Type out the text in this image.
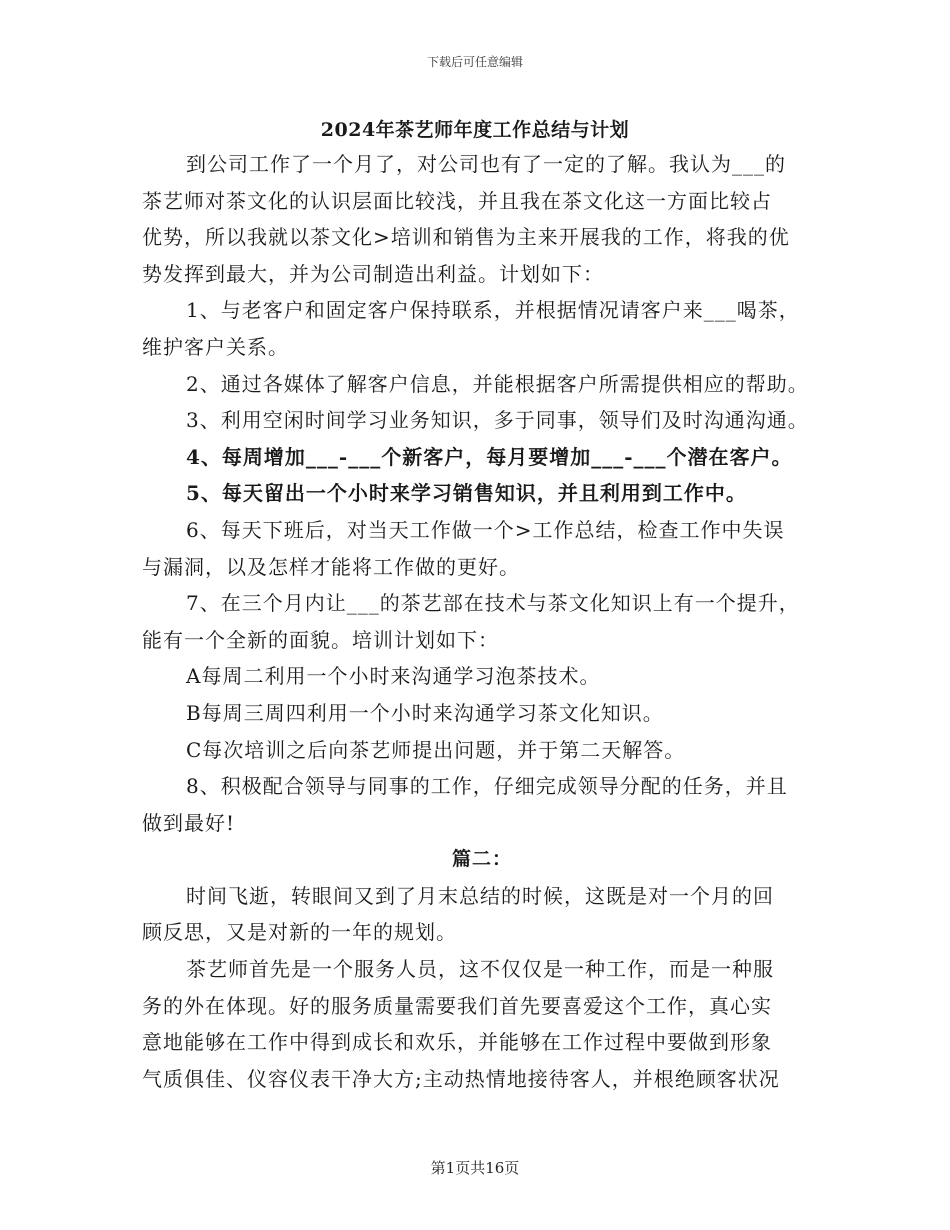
下载后可任意编辑
2024年茶艺师年度工作总结与计划

到公司工作了一个月了，对公司也有了一定的了解。我认为___的

茶艺师对茶文化的认识层面比较浅，并且我在茶文化这一方面比较占

优势，所以我就以茶文化>培训和销售为主来开展我的工作，将我的优

势发挥到最大，并为公司制造出利益。计划如下：

1、与老客户和固定客户保持联系，并根据情况请客户来___喝茶，

维护客户关系。

2、通过各媒体了解客户信息，并能根据客户所需提供相应的帮助。

3、利用空闲时间学习业务知识，多于同事，领导们及时沟通沟通。

4、每周增加___-___个新客户，每月要增加___-___个潜在客户。

5、每天留出一个小时来学习销售知识，并且利用到工作中。

6、每天下班后，对当天工作做一个>工作总结，检查工作中失误

与漏洞，以及怎样才能将工作做的更好。

7、在三个月内让___的茶艺部在技术与茶文化知识上有一个提升，

能有一个全新的面貌。培训计划如下：

A每周二利用一个小时来沟通学习泡茶技术。

B每周三周四利用一个小时来沟通学习茶文化知识。

C每次培训之后向茶艺师提出问题，并于第二天解答。

8、积极配合领导与同事的工作，仔细完成领导分配的任务，并且

做到最好!

篇二：

时间飞逝，转眼间又到了月末总结的时候，这既是对一个月的回

顾反思，又是对新的一年的规划。

茶艺师首先是一个服务人员，这不仅仅是一种工作，而是一种服

务的外在体现。好的服务质量需要我们首先要喜爱这个工作，真心实

意地能够在工作中得到成长和欢乐，并能够在工作过程中要做到形象

气质俱佳、仪容仪表干净大方;主动热情地接待客人，并根绝顾客状况

第1页共16页
